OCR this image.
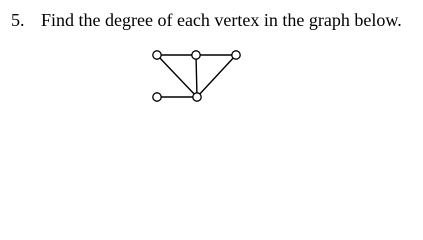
5. Find the degree of each vertex in the graph below.
